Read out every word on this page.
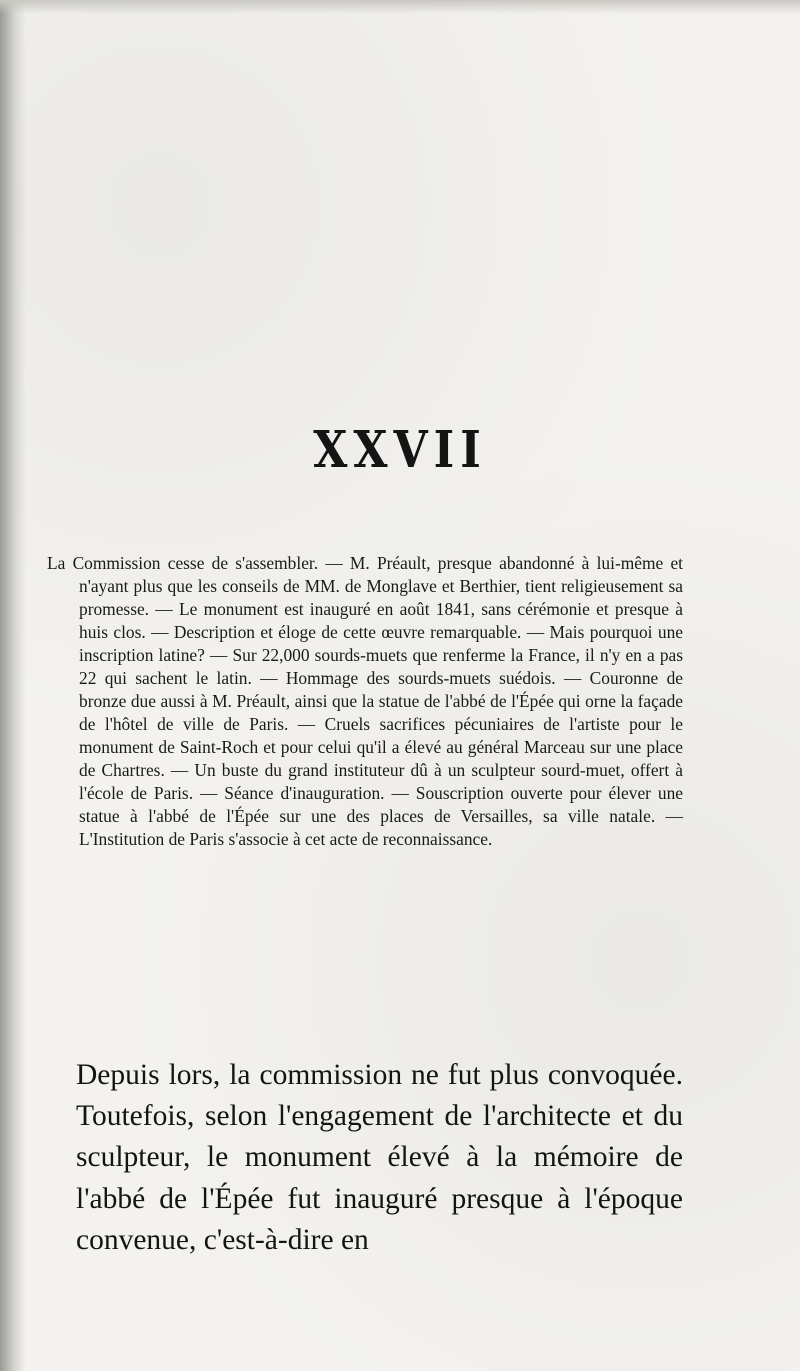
XXVII

La Commission cesse de s'assembler. — M. Préault, presque abandonné à lui-même et n'ayant plus que les conseils de MM. de Monglave et Berthier, tient religieusement sa promesse. — Le monument est inauguré en août 1841, sans cérémonie et presque à huis clos. — Description et éloge de cette œuvre remarquable. — Mais pourquoi une inscription latine? — Sur 22,000 sourds-muets que renferme la France, il n'y en a pas 22 qui sachent le latin. — Hommage des sourds-muets suédois. — Couronne de bronze due aussi à M. Préault, ainsi que la statue de l'abbé de l'Épée qui orne la façade de l'hôtel de ville de Paris. — Cruels sacrifices pécuniaires de l'artiste pour le monument de Saint-Roch et pour celui qu'il a élevé au général Marceau sur une place de Chartres. — Un buste du grand instituteur dû à un sculpteur sourd-muet, offert à l'école de Paris. — Séance d'inauguration. — Souscription ouverte pour élever une statue à l'abbé de l'Épée sur une des places de Versailles, sa ville natale. — L'Institution de Paris s'associe à cet acte de reconnaissance.

Depuis lors, la commission ne fut plus convoquée. Toutefois, selon l'engagement de l'architecte et du sculpteur, le monument élevé à la mémoire de l'abbé de l'Épée fut inauguré presque à l'époque convenue, c'est-à-dire en
